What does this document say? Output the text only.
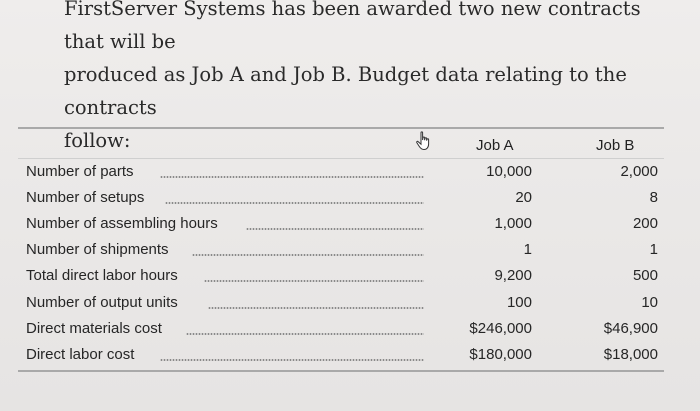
FirstServer Systems has been awarded two new contracts that will be

produced as Job A and Job B. Budget data relating to the contracts

follow:	Job A	Job B
Number of parts	10,000	2,000
Number of setups	20	8
Number of assembling hours	1,000	200
Number of shipments	1	1
Total direct labor hours	9,200	500
Number of output units	100	10
Direct materials cost	$246,000	$46,900
Direct labor cost	$180,000	$18,000
